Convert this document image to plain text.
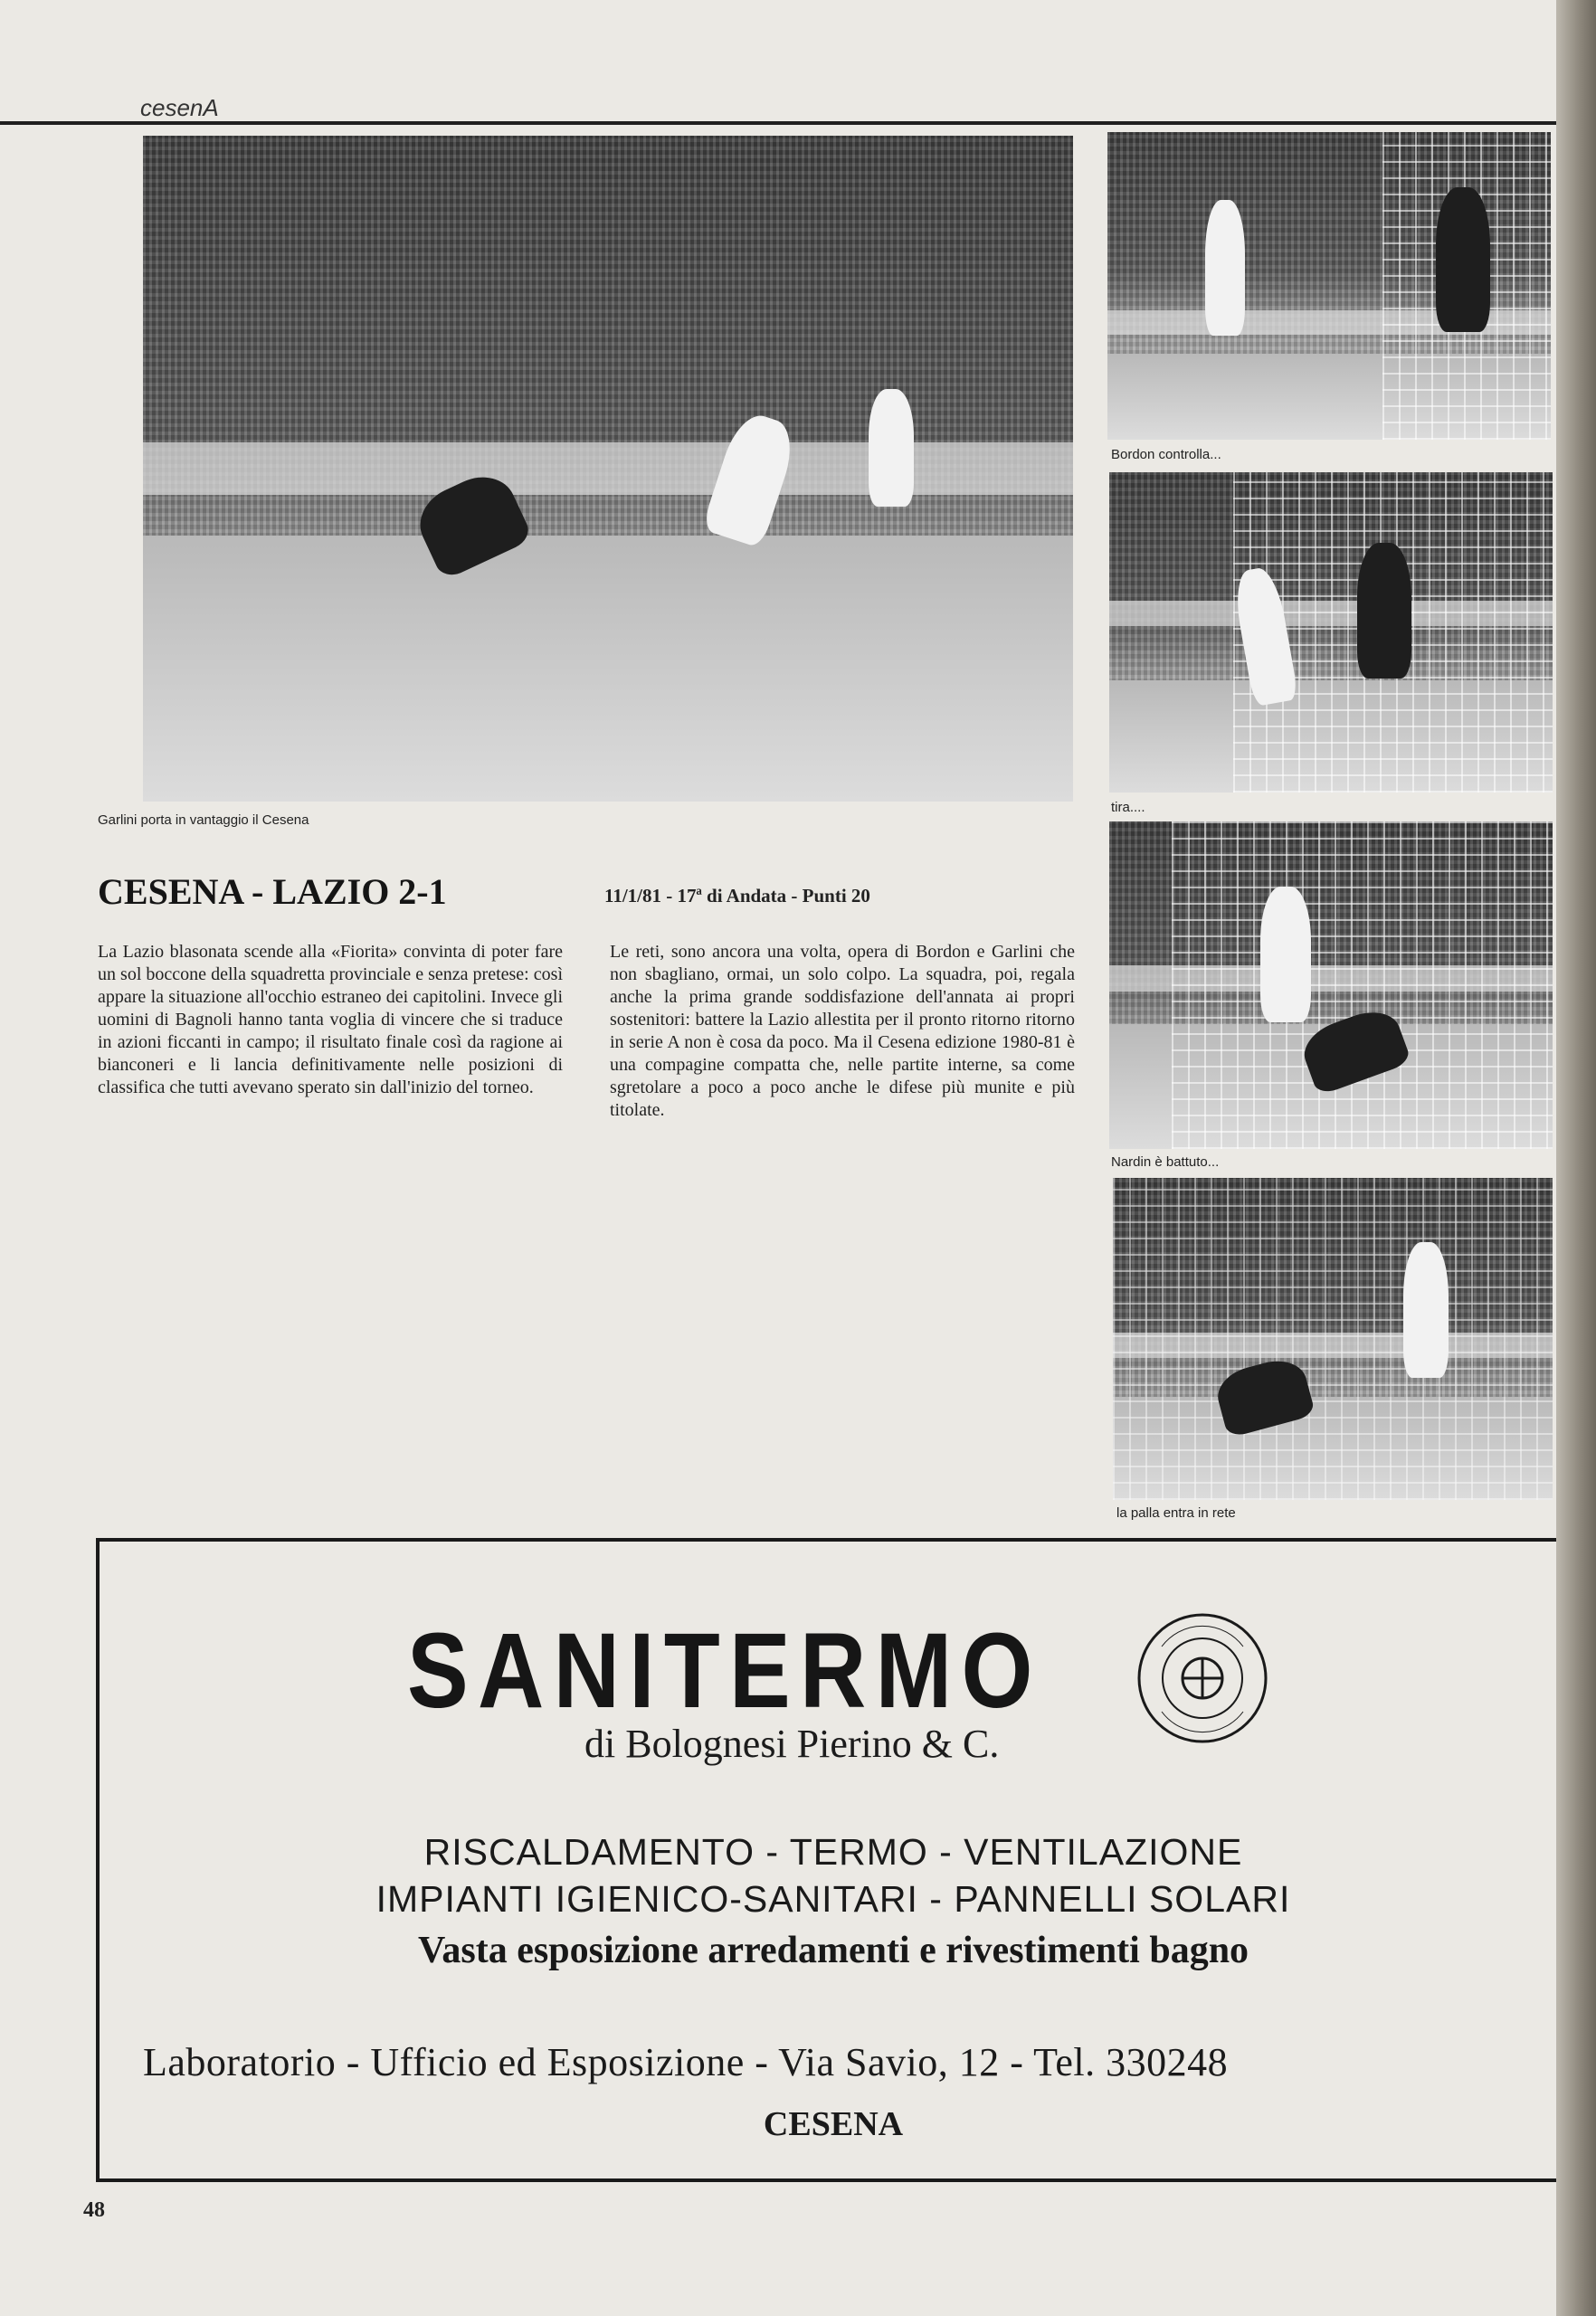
cesenA
Garlini porta in vantaggio il Cesena
Bordon controlla...
tira....
Nardin è battuto...
la palla entra in rete
CESENA - LAZIO 2-1	11/1/81 - 17ª di Andata - Punti 20
La Lazio blasonata scende alla «Fiorita» convinta di poter fare un sol boccone della squadretta provinciale e senza pretese: così appare la situazione all'occhio estraneo dei capitolini. Invece gli uomini di Bagnoli hanno tanta voglia di vincere che si traduce in azioni ficcanti in campo; il risultato finale così da ragione ai bianconeri e li lancia definitivamente nelle posizioni di classifica che tutti avevano sperato sin dall'inizio del torneo.
Le reti, sono ancora una volta, opera di Bordon e Garlini che non sbagliano, ormai, un solo colpo. La squadra, poi, regala anche la prima grande soddisfazione dell'annata ai propri sostenitori: battere la Lazio allestita per il pronto ritorno ritorno in serie A non è cosa da poco. Ma il Cesena edizione 1980-81 è una compagine compatta che, nelle partite interne, sa come sgretolare a poco a poco anche le difese più munite e più titolate.
SANITERMO
di Bolognesi Pierino & C.
RISCALDAMENTO - TERMO - VENTILAZIONE
IMPIANTI IGIENICO-SANITARI - PANNELLI SOLARI
Vasta esposizione arredamenti e rivestimenti bagno
Laboratorio - Ufficio ed Esposizione - Via Savio, 12 - Tel. 330248
CESENA
48
